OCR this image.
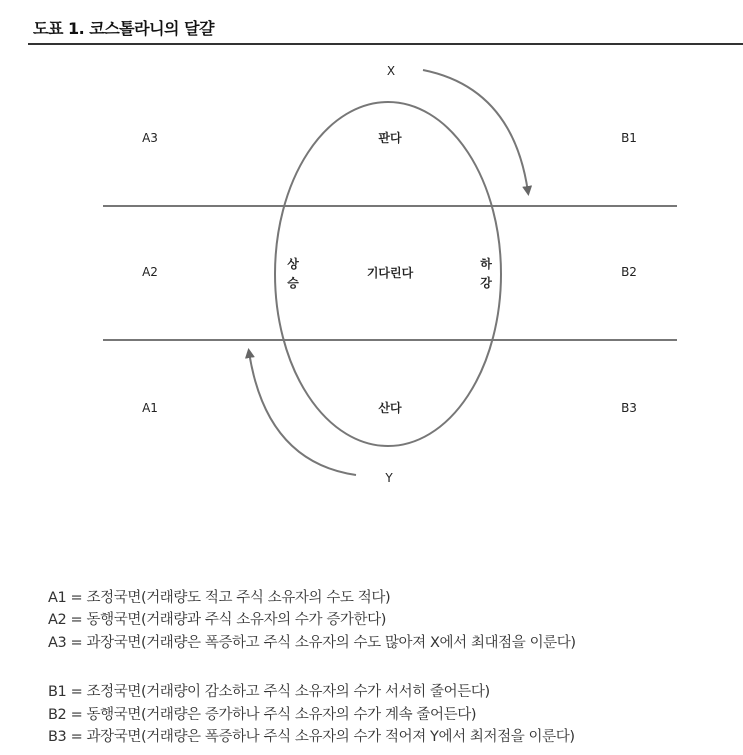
도표 1. 코스톨라니의 달걀
X
Y
A3
A2
A1
B1
B2
B3
판다
기다린다
산다
상
승
하
강
A1 = 조정국면(거래량도 적고 주식 소유자의 수도 적다)
A2 = 동행국면(거래량과 주식 소유자의 수가 증가한다)
A3 = 과장국면(거래량은 폭증하고 주식 소유자의 수도 많아져 X에서 최대점을 이룬다)
B1 = 조정국면(거래량이 감소하고 주식 소유자의 수가 서서히 줄어든다)
B2 = 동행국면(거래량은 증가하나 주식 소유자의 수가 계속 줄어든다)
B3 = 과장국면(거래량은 폭증하나 주식 소유자의 수가 적어져 Y에서 최저점을 이룬다)
